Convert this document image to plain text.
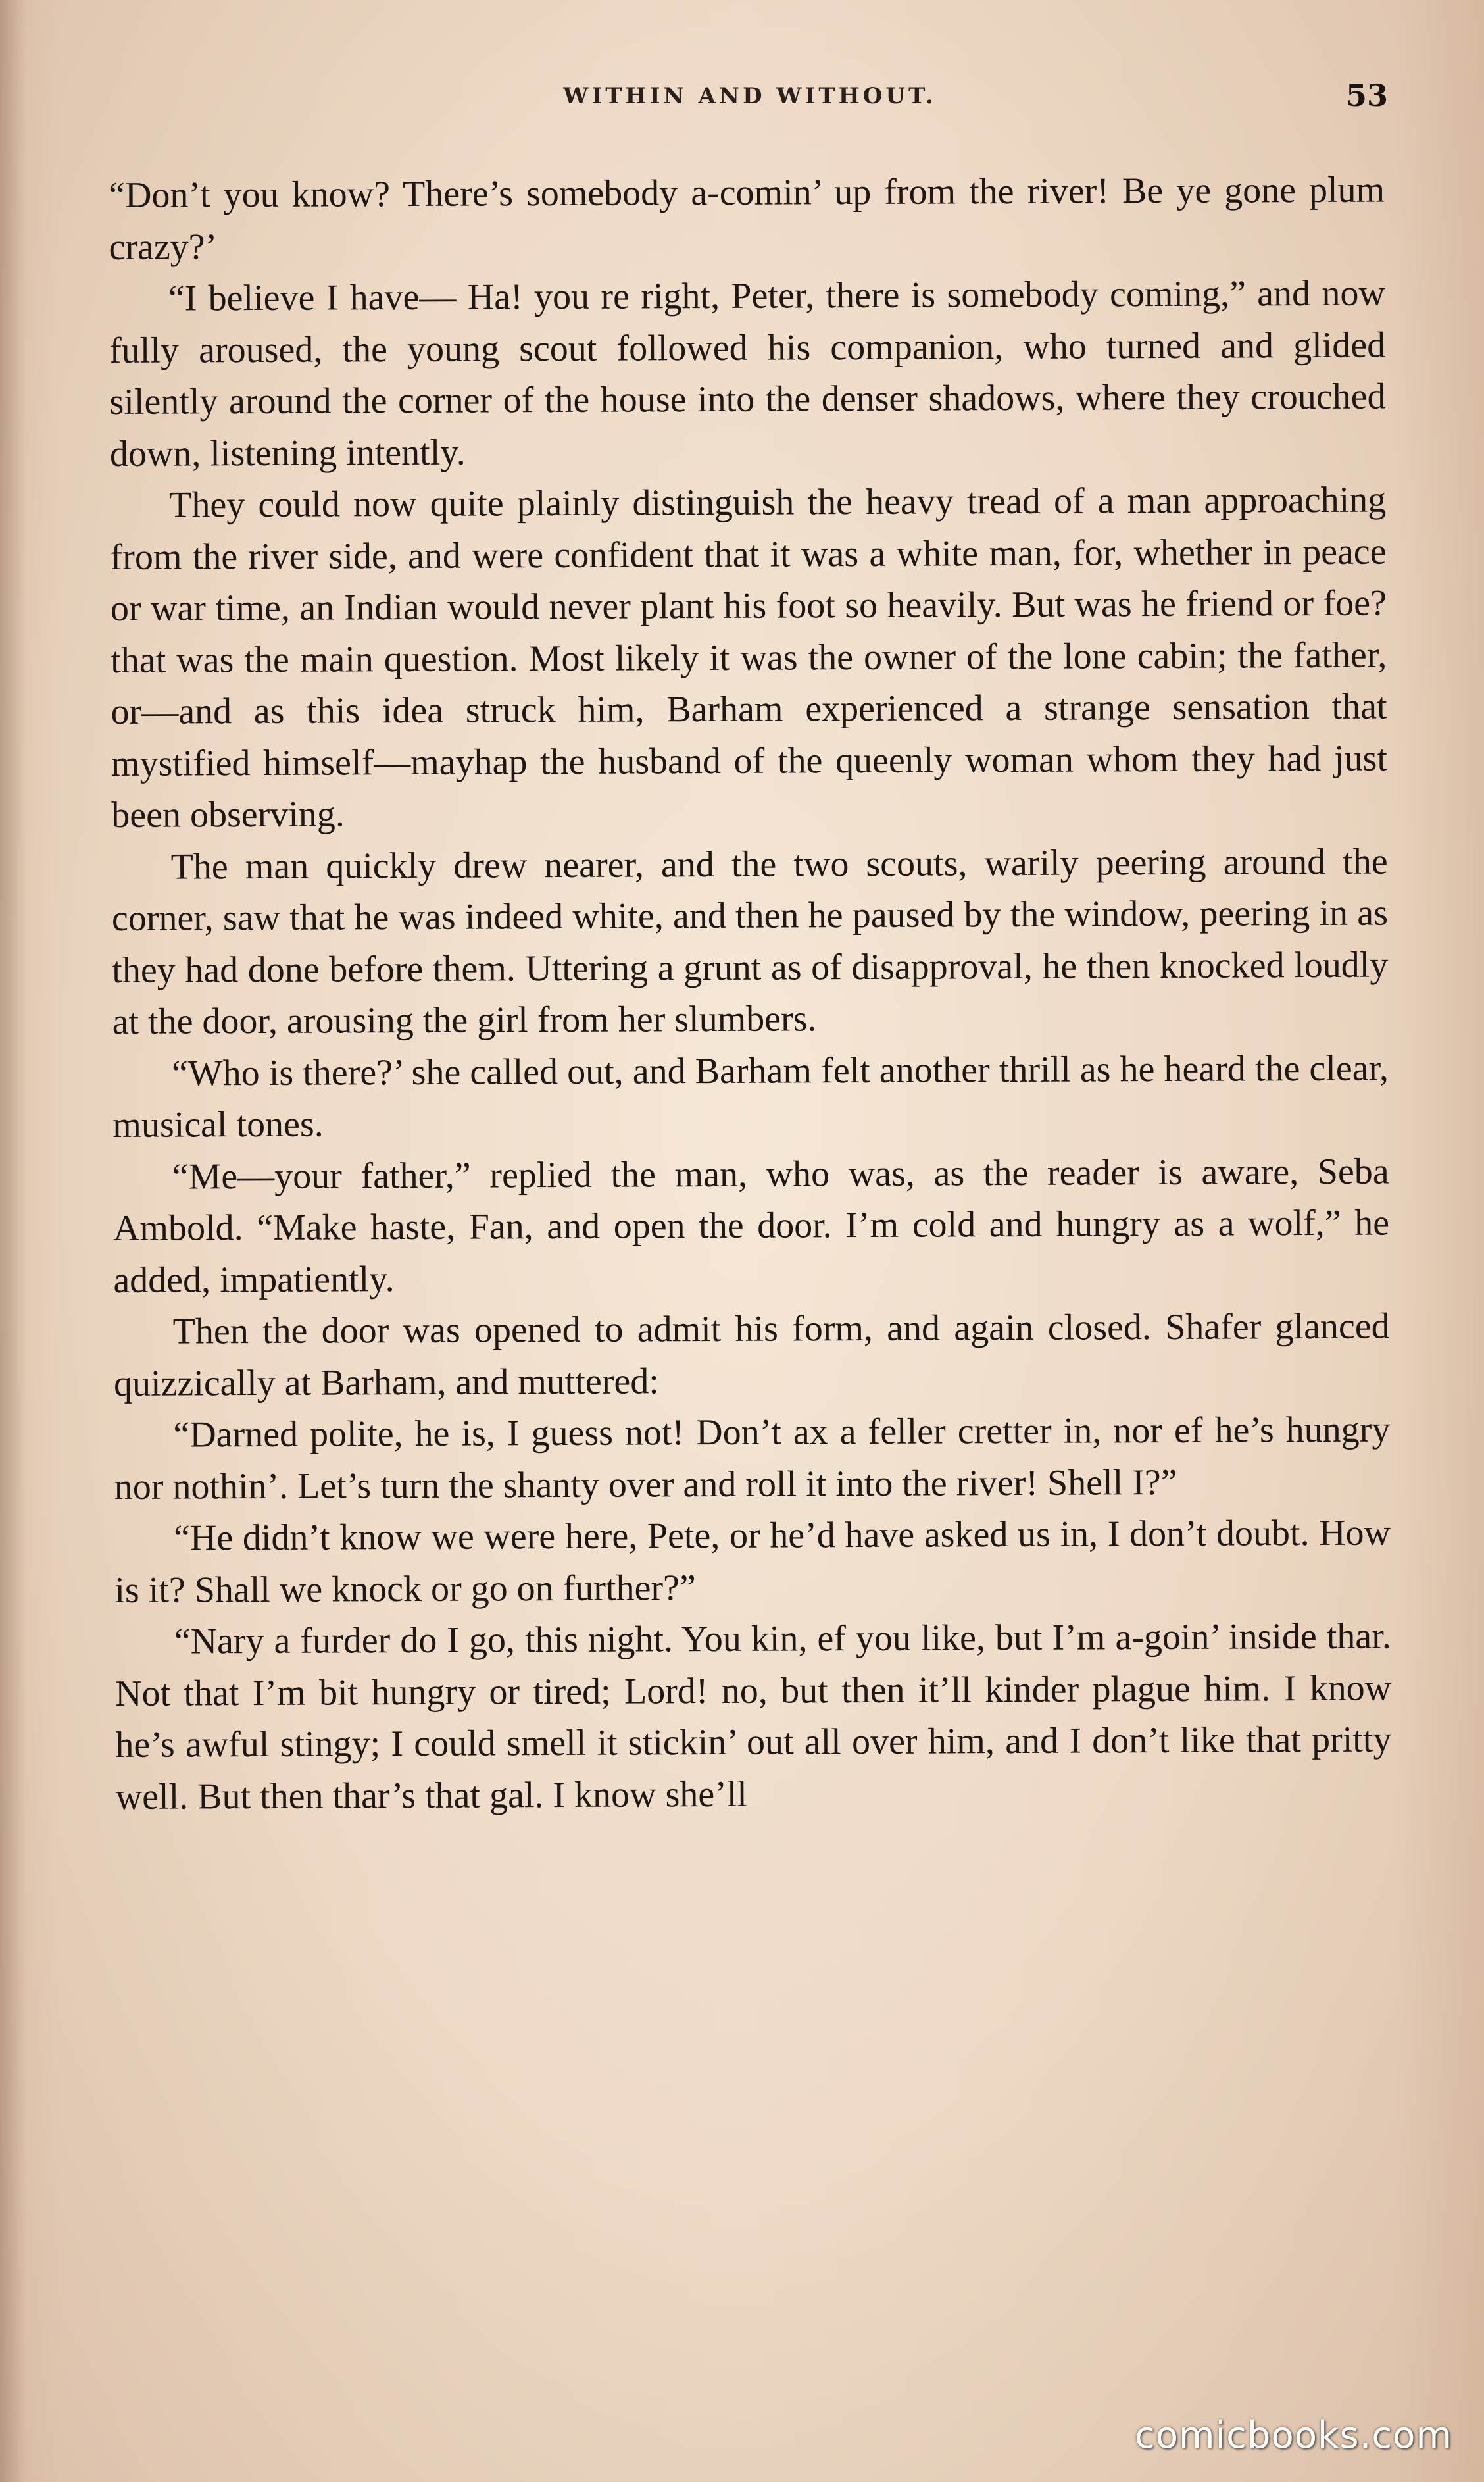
WITHIN AND WITHOUT.	53

“Don’t you know? There’s somebody a-comin’ up from the river! Be ye gone plum crazy?’

“I believe I have— Ha! you re right, Peter, there is somebody coming,” and now fully aroused, the young scout followed his companion, who turned and glided silently around the corner of the house into the denser shadows, where they crouched down, listening intently.

They could now quite plainly distinguish the heavy tread of a man approaching from the river side, and were confident that it was a white man, for, whether in peace or war time, an Indian would never plant his foot so heavily. But was he friend or foe? that was the main question. Most likely it was the owner of the lone cabin; the father, or—and as this idea struck him, Barham experienced a strange sensation that mystified himself—mayhap the husband of the queenly woman whom they had just been observing.

The man quickly drew nearer, and the two scouts, warily peering around the corner, saw that he was indeed white, and then he paused by the window, peering in as they had done before them. Uttering a grunt as of disapproval, he then knocked loudly at the door, arousing the girl from her slumbers.

“Who is there?’ she called out, and Barham felt another thrill as he heard the clear, musical tones.

“Me—your father,” replied the man, who was, as the reader is aware, Seba Ambold. “Make haste, Fan, and open the door. I’m cold and hungry as a wolf,” he added, impatiently.

Then the door was opened to admit his form, and again closed. Shafer glanced quizzically at Barham, and muttered:

“Darned polite, he is, I guess not! Don’t ax a feller cretter in, nor ef he’s hungry nor nothin’. Let’s turn the shanty over and roll it into the river! Shell I?”

“He didn’t know we were here, Pete, or he’d have asked us in, I don’t doubt. How is it? Shall we knock or go on further?”

“Nary a furder do I go, this night. You kin, ef you like, but I’m a-goin’ inside thar. Not that I’m bit hungry or tired; Lord! no, but then it’ll kinder plague him. I know he’s awful stingy; I could smell it stickin’ out all over him, and I don’t like that pritty well. But then thar’s that gal. I know she’ll

comicbooks.com
